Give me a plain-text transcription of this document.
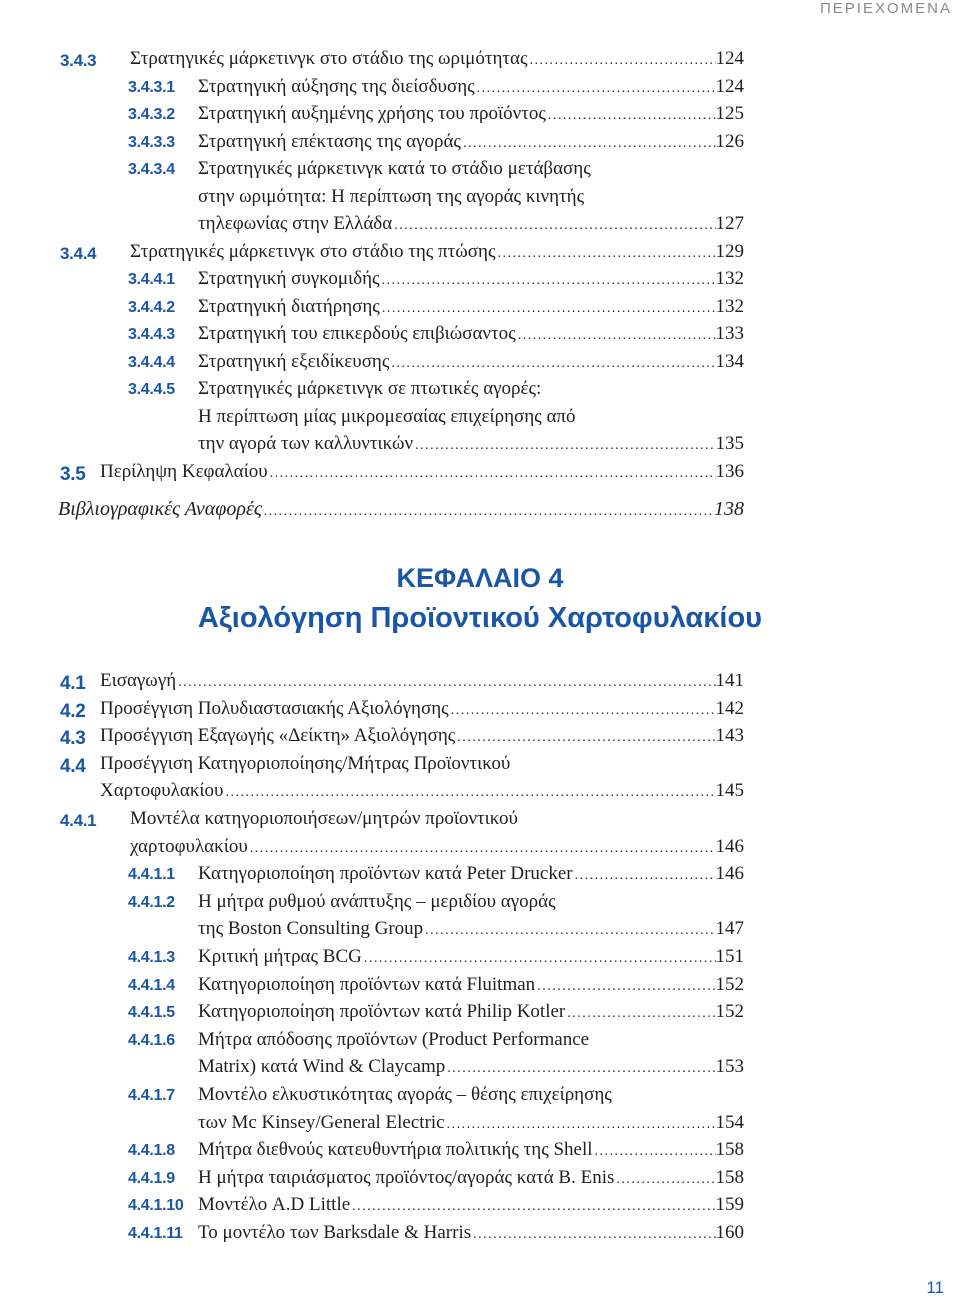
ΠΕΡΙΕΧΟΜΕΝΑ
3.4.3 Στρατηγικές μάρκετινγκ στο στάδιο της ωριμότητας . . .	124
3.4.3.1 Στρατηγική αύξησης της διείσδυσης . . .	124
3.4.3.2 Στρατηγική αυξημένης χρήσης του προϊόντος . . .	125
3.4.3.3 Στρατηγική επέκτασης της αγοράς . . .	126
3.4.3.4 Στρατηγικές μάρκετινγκ κατά το στάδιο μετάβασης
στην ωριμότητα: Η περίπτωση της αγοράς κινητής
τηλεφωνίας στην Ελλάδα . . .	127
3.4.4 Στρατηγικές μάρκετινγκ στο στάδιο της πτώσης . . .	129
3.4.4.1 Στρατηγική συγκομιδής . . .	132
3.4.4.2 Στρατηγική διατήρησης . . .	132
3.4.4.3 Στρατηγική του επικερδούς επιβιώσαντος . . .	133
3.4.4.4 Στρατηγική εξειδίκευσης . . .	134
3.4.4.5 Στρατηγικές μάρκετινγκ σε πτωτικές αγορές:
Η περίπτωση μίας μικρομεσαίας επιχείρησης από
την αγορά των καλλυντικών . . .	135
3.5 Περίληψη Κεφαλαίου . . .	136
Βιβλιογραφικές Αναφορές . . .	138
4.1 Εισαγωγή . . .	141
4.2 Προσέγγιση Πολυδιαστασιακής Αξιολόγησης . . .	142
4.3 Προσέγγιση Εξαγωγής «Δείκτη» Αξιολόγησης . . .	143
4.4 Προσέγγιση Κατηγοριοποίησης/Μήτρας Προϊοντικού
Χαρτοφυλακίου . . .	145
4.4.1 Μοντέλα κατηγοριοποιήσεων/μητρών προϊοντικού
χαρτοφυλακίου . . .	146
4.4.1.1 Κατηγοριοποίηση προϊόντων κατά Peter Drucker . . .	146
4.4.1.2 Η μήτρα ρυθμού ανάπτυξης – μεριδίου αγοράς
της Boston Consulting Group . . .	147
4.4.1.3 Κριτική μήτρας BCG . . .	151
4.4.1.4 Κατηγοριοποίηση προϊόντων κατά Fluitman . . .	152
4.4.1.5 Κατηγοριοποίηση προϊόντων κατά Philip Kotler . . .	152
4.4.1.6 Μήτρα απόδοσης προϊόντων (Product Performance
Matrix) κατά Wind & Claycamp . . .	153
4.4.1.7 Μοντέλο ελκυστικότητας αγοράς – θέσης επιχείρησης
των Mc Kinsey/General Electric . . .	154
4.4.1.8 Μήτρα διεθνούς κατευθυντήρια πολιτικής της Shell . . .	158
4.4.1.9 Η μήτρα ταιριάσματος προϊόντος/αγοράς κατά B. Enis . . .	158
4.4.1.10 Μοντέλο A.D Little . . .	159
4.4.1.11 Το μοντέλο των Barksdale & Harris . . .	160
ΚΕΦΑΛΑΙΟ 4
Αξιολόγηση Προϊοντικού Χαρτοφυλακίου
11
